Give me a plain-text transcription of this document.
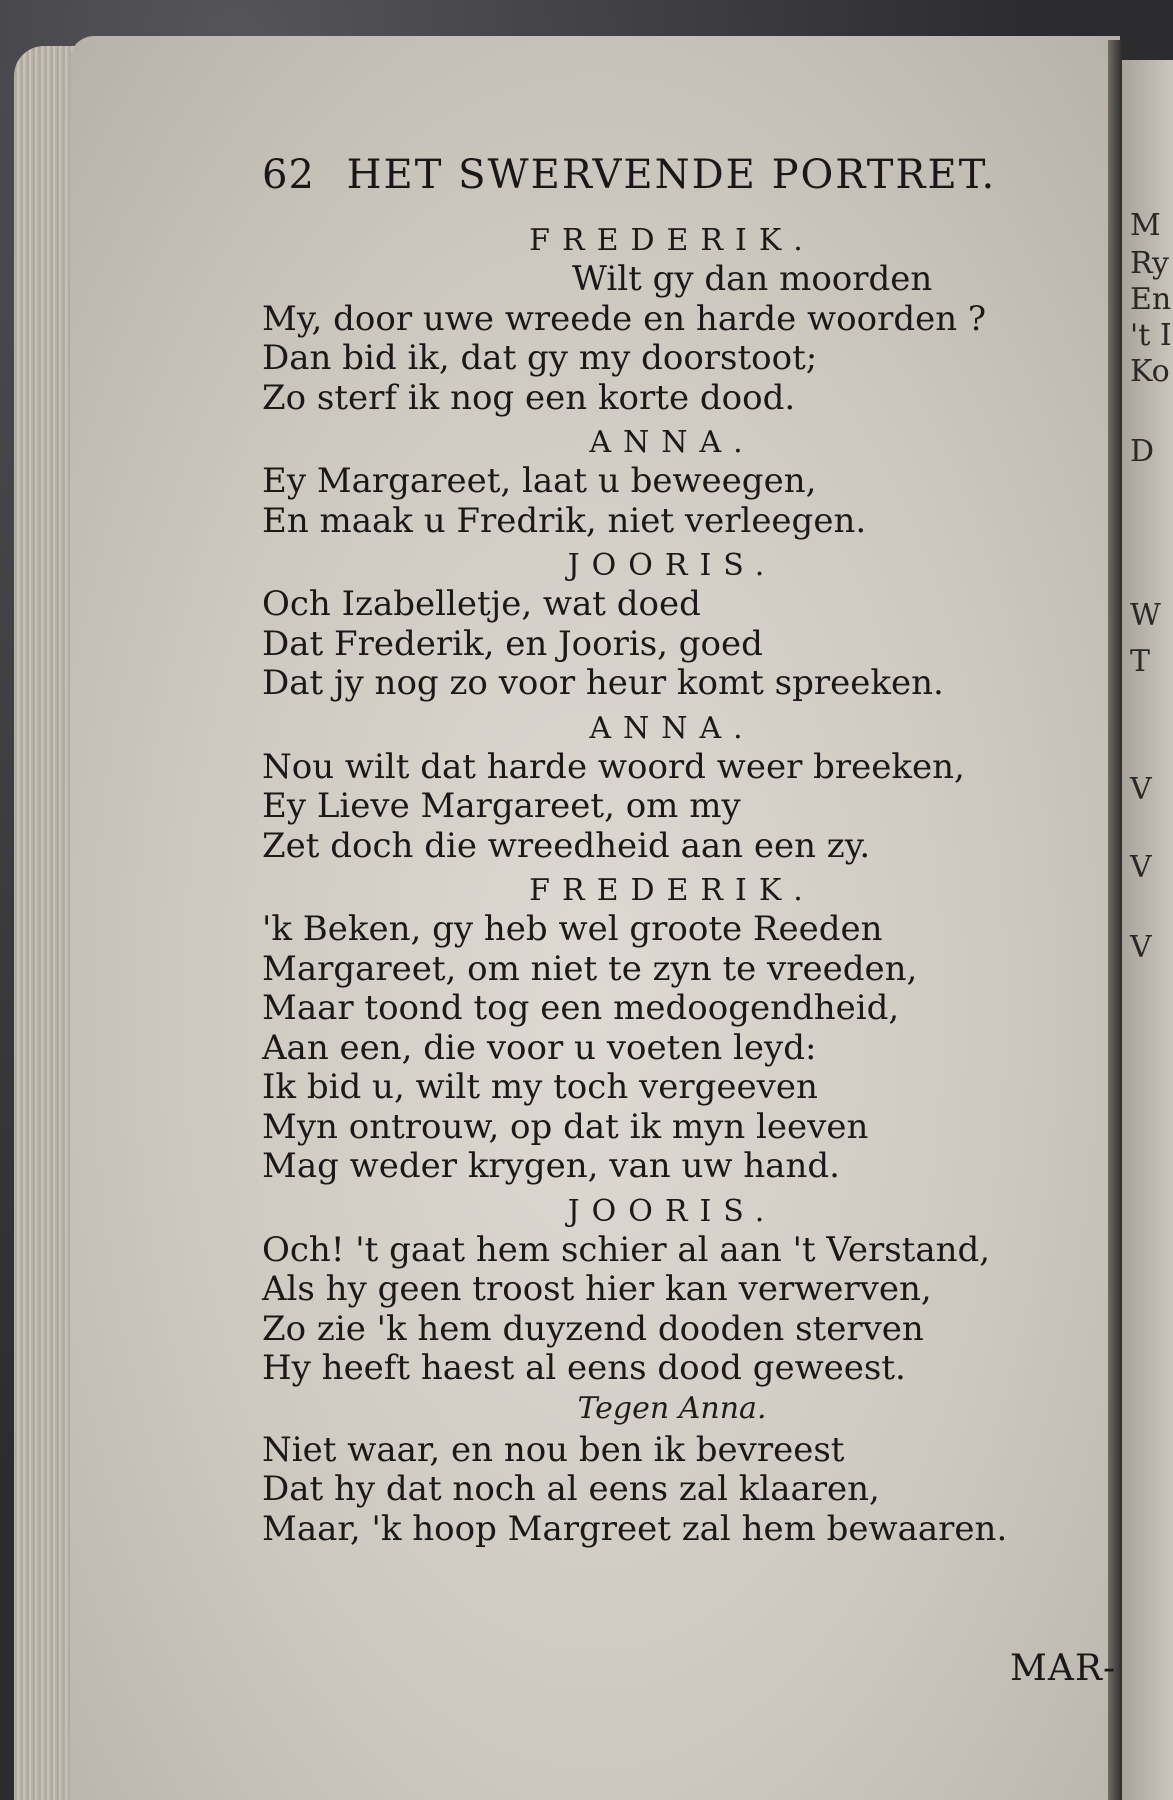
M
Ry
En
't I
Ko
D
W
T
V
V
V
62 HET SWERVENDE PORTRET.
FREDERIK.
Wilt gy dan moorden
My, door uwe wreede en harde woorden ?
Dan bid ik, dat gy my doorstoot;
Zo sterf ik nog een korte dood.
ANNA.
Ey Margareet, laat u beweegen,
En maak u Fredrik, niet verleegen.
JOORIS.
Och Izabelletje, wat doed
Dat Frederik, en Jooris, goed
Dat jy nog zo voor heur komt spreeken.
ANNA.
Nou wilt dat harde woord weer breeken,
Ey Lieve Margareet, om my
Zet doch die wreedheid aan een zy.
FREDERIK.
'k Beken, gy heb wel groote Reeden
Margareet, om niet te zyn te vreeden,
Maar toond tog een medoogendheid,
Aan een, die voor u voeten leyd:
Ik bid u, wilt my toch vergeeven
Myn ontrouw, op dat ik myn leeven
Mag weder krygen, van uw hand.
JOORIS.
Och! 't gaat hem schier al aan 't Verstand,
Als hy geen troost hier kan verwerven,
Zo zie 'k hem duyzend dooden sterven
Hy heeft haest al eens dood geweest.
Tegen Anna.
Niet waar, en nou ben ik bevreest
Dat hy dat noch al eens zal klaaren,
Maar, 'k hoop Margreet zal hem bewaaren.
MAR-
